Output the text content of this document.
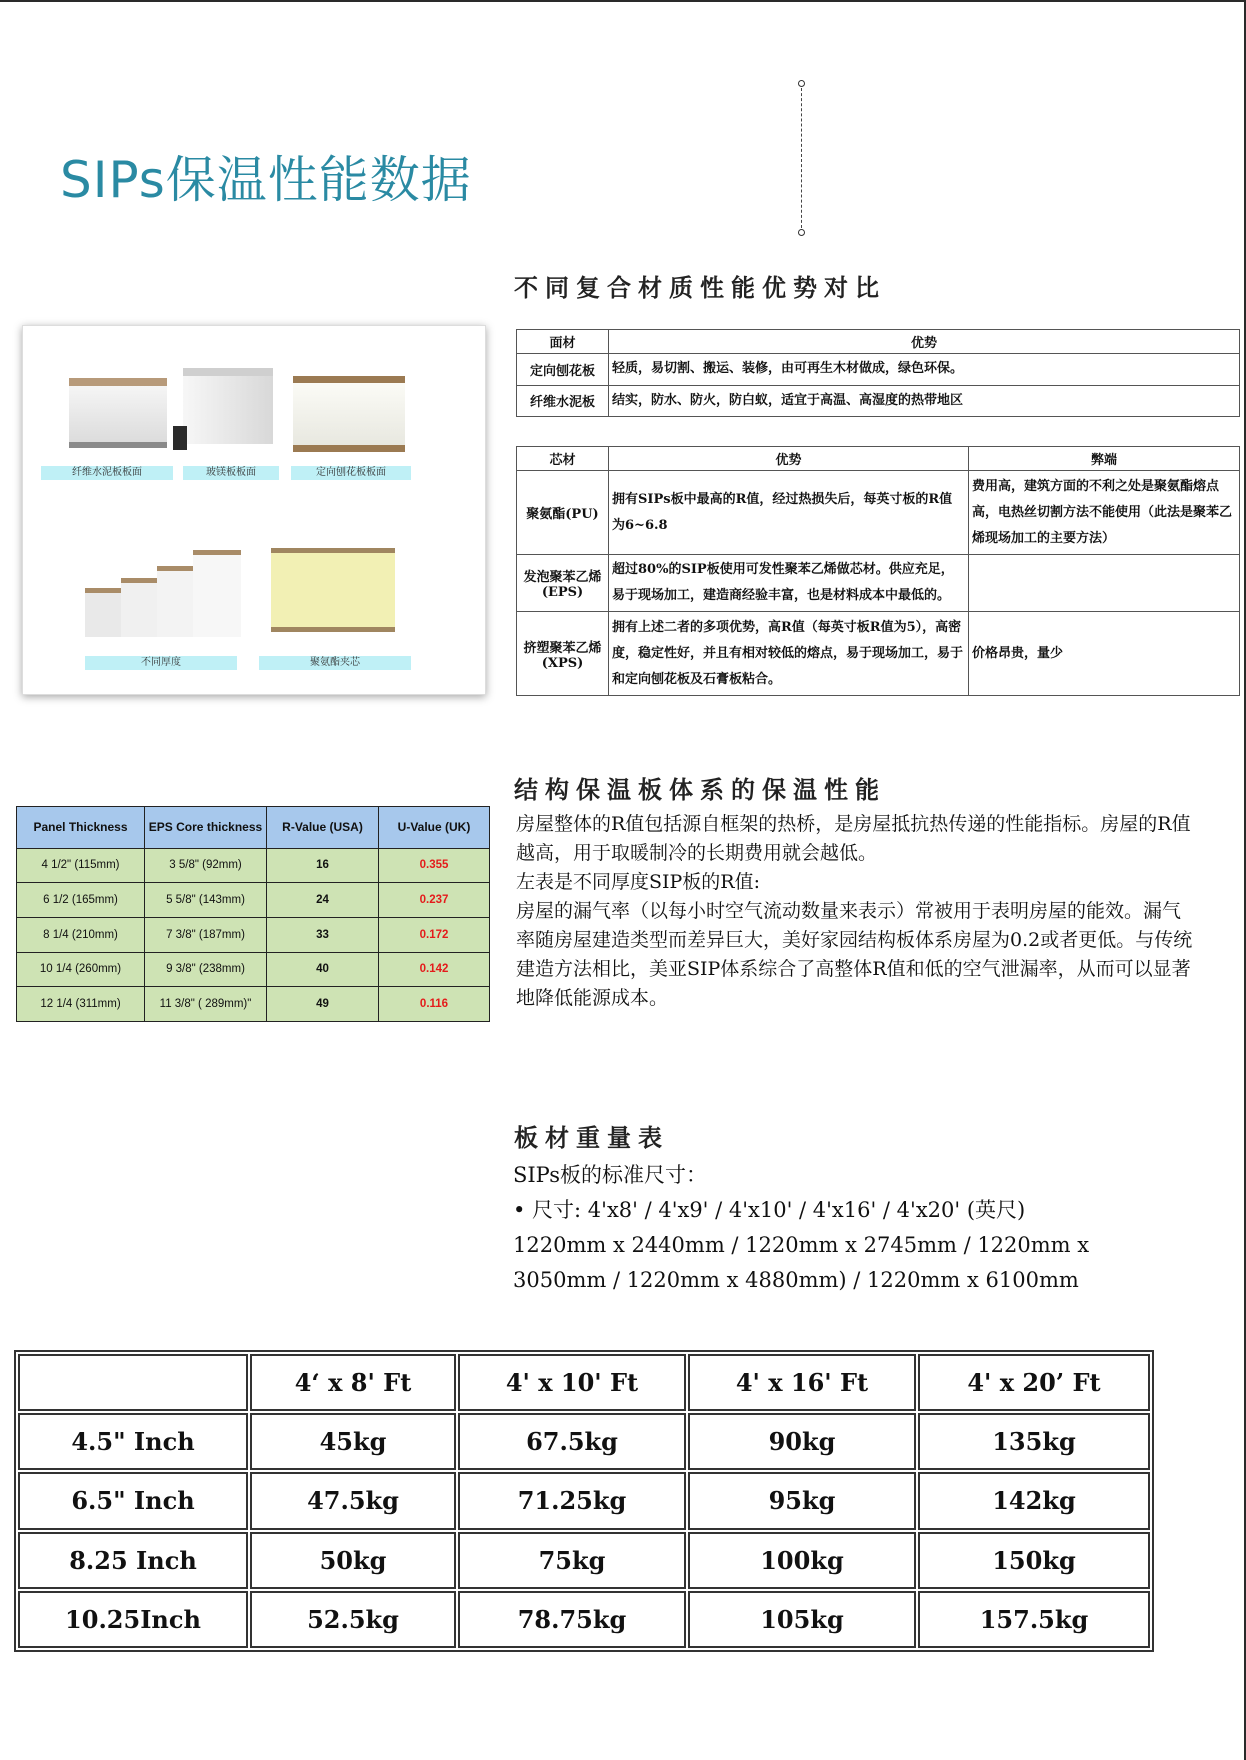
SIPs保温性能数据
不同复合材质性能优势对比
纤维水泥板板面	玻镁板板面	定向刨花板板面
不同厚度	聚氨酯夹芯
面材	优势
定向刨花板	轻质，易切割、搬运、装修，由可再生木材做成，绿色环保。
纤维水泥板	结实，防水、防火，防白蚁，适宜于高温、高湿度的热带地区
芯材	优势	弊端
聚氨酯(PU)	拥有SIPs板中最高的R值，经过热损失后，每英寸板的R值为6~6.8	费用高，建筑方面的不利之处是聚氨酯熔点高，电热丝切割方法不能使用（此法是聚苯乙烯现场加工的主要方法）
发泡聚苯乙烯(EPS)	超过80%的SIP板使用可发性聚苯乙烯做芯材。供应充足，易于现场加工，建造商经验丰富，也是材料成本中最低的。	
挤塑聚苯乙烯(XPS)	拥有上述二者的多项优势，高R值（每英寸板R值为5），高密度，稳定性好，并且有相对较低的熔点，易于现场加工，易于和定向刨花板及石膏板粘合。	价格昂贵，量少
结构保温板体系的保温性能
Panel Thickness	EPS Core thickness	R-Value (USA)	U-Value (UK)
4 1/2" (115mm)	3 5/8" (92mm)	16	0.355
6 1/2 (165mm)	5 5/8" (143mm)	24	0.237
8 1/4 (210mm)	7 3/8" (187mm)	33	0.172
10 1/4 (260mm)	9 3/8" (238mm)	40	0.142
12 1/4 (311mm)	11 3/8" ( 289mm)"	49	0.116

房屋整体的R值包括源自框架的热桥，是房屋抵抗热传递的性能指标。房屋的R值越高，用于取暖制冷的长期费用就会越低。

左表是不同厚度SIP板的R值:

房屋的漏气率（以每小时空气流动数量来表示）常被用于表明房屋的能效。漏气率随房屋建造类型而差异巨大，美好家园结构板体系房屋为0.2或者更低。与传统建造方法相比，美亚SIP体系综合了高整体R值和低的空气泄漏率，从而可以显著地降低能源成本。

板材重量表

SIPs板的标准尺寸：

• 尺寸: 4'x8' / 4'x9' / 4'x10' / 4'x16' / 4'x20' (英尺)

1220mm x 2440mm / 1220mm x 2745mm / 1220mm x 3050mm / 1220mm x 4880mm) / 1220mm x 6100mm

	4‘ x 8' Ft	4' x 10' Ft	4' x 16' Ft	4' x 20’ Ft
4.5" Inch	45kg	67.5kg	90kg	135kg
6.5" Inch	47.5kg	71.25kg	95kg	142kg
8.25 Inch	50kg	75kg	100kg	150kg
10.25Inch	52.5kg	78.75kg	105kg	157.5kg
